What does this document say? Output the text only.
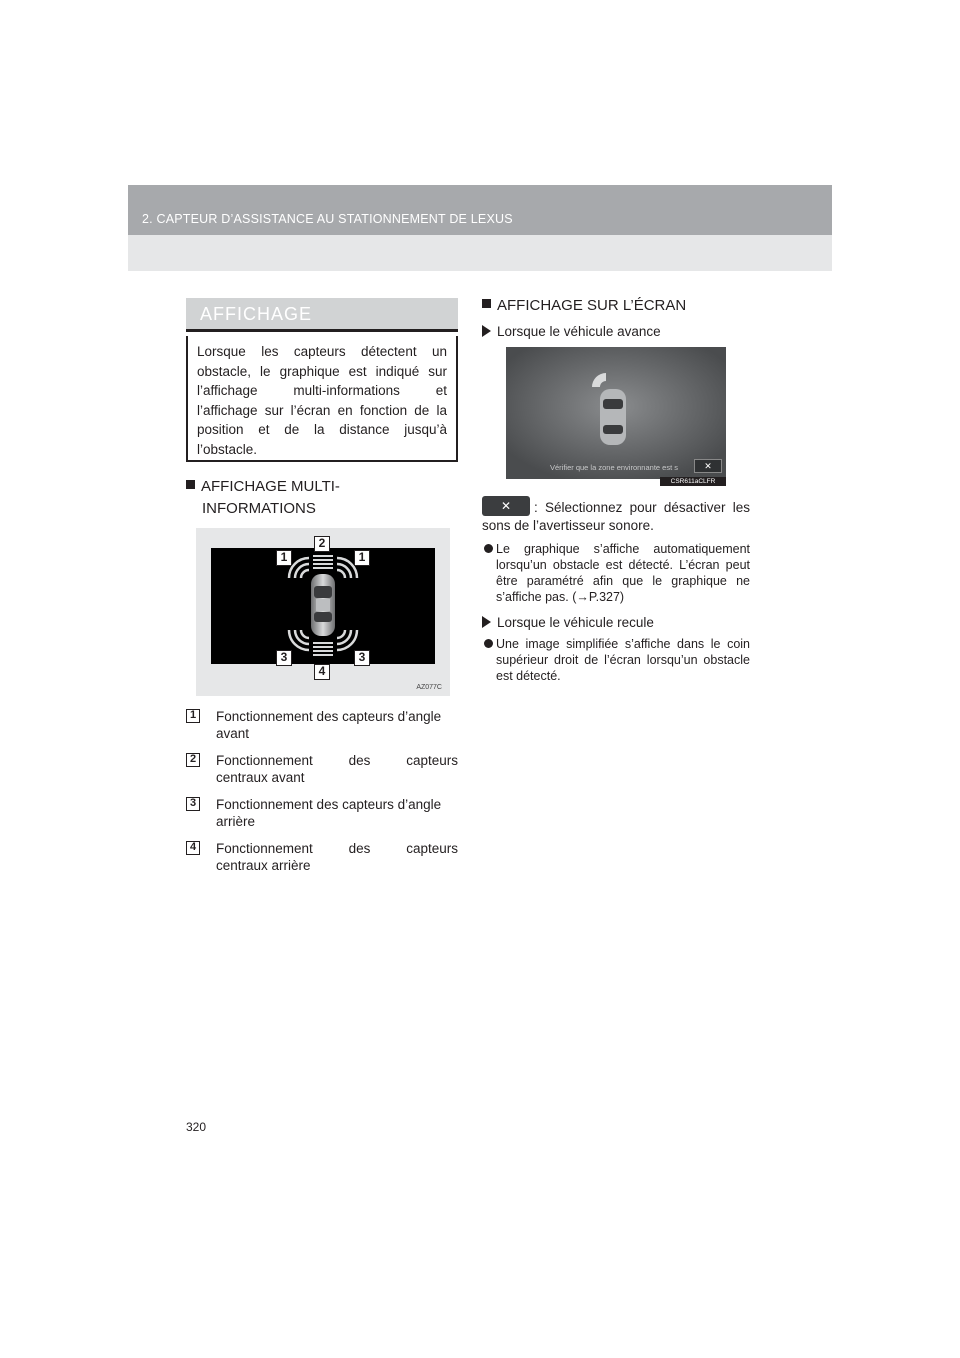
2. CAPTEUR D’ASSISTANCE AU STATIONNEMENT DE LEXUS
AFFICHAGE
Lorsque les capteurs détectent un obstacle, le graphique est indiqué sur l’affichage multi-informations et l’affichage sur l’écran en fonction de la position et de la distance jusqu’à l’obstacle.
AFFICHAGE MULTI-
INFORMATIONS
1
2
1
3
4
3
AZ077C
1 Fonctionnement des capteurs d’angle
avant
2 Fonctionnement des capteurs
centraux avant
3 Fonctionnement des capteurs d’angle
arrière
4 Fonctionnement des capteurs
centraux arrière
AFFICHAGE SUR L’ÉCRAN
Lorsque le véhicule avance
Vérifier que la zone environnante est s	✕
CSR611aCLFR
✕	: Sélectionnez pour désactiver les sons de l’avertisseur sonore.
Le graphique s’affiche automatiquement lorsqu’un obstacle est détecté. L’écran peut être paramétré afin que le graphique ne s’affiche pas. (→P.327)
Lorsque le véhicule recule
Une image simplifiée s’affiche dans le coin supérieur droit de l’écran lorsqu’un obstacle est détecté.
320
